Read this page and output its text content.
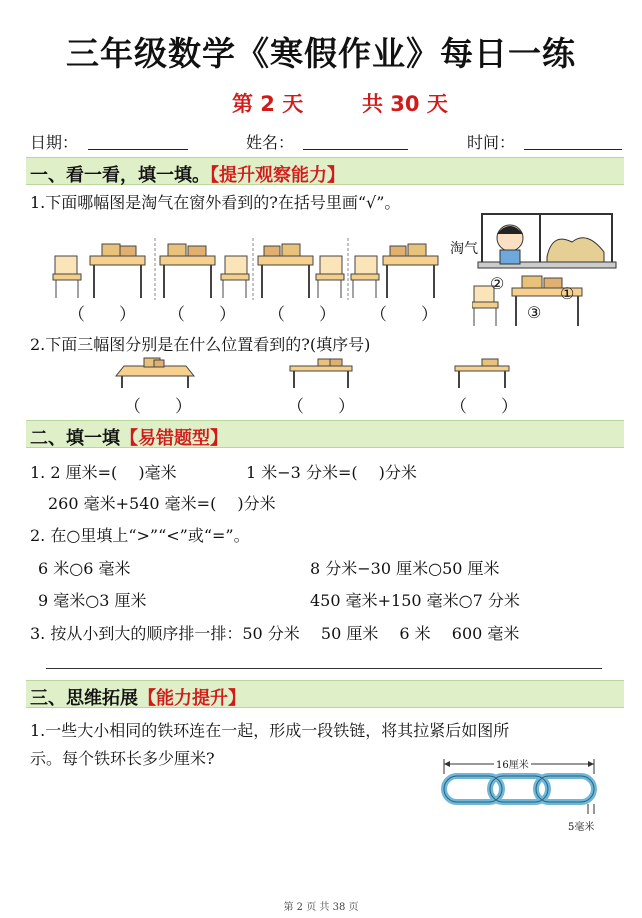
三年级数学《寒假作业》每日一练
第 2 天	共 30 天
日期：	姓名：	时间：
一、看一看，填一填。【提升观察能力】
1.下面哪幅图是淘气在窗外看到的?在括号里画“√”。
（　　） （　　） （　　） （　　）
淘气
②
①
③
2.下面三幅图分别是在什么位置看到的?(填序号)
（　　）	（　　）	（　　）
二、填一填【易错题型】
1. 2 厘米=(　 )毫米	1 米−3 分米=(　 )分米
260 毫米+540 毫米=(　 )分米
2. 在○里填上“>”“<”或“=”。
6 米○6 毫米	8 分米−30 厘米○50 厘米
9 毫米○3 厘米	450 毫米+150 毫米○7 分米
3. 按从小到大的顺序排一排：50 分米　 50 厘米　 6 米　 600 毫米
三、思维拓展【能力提升】
1.一些大小相同的铁环连在一起，形成一段铁链，将其拉紧后如图所
示。每个铁环长多少厘米?	16厘米
5毫米
第 2 页 共 38 页
